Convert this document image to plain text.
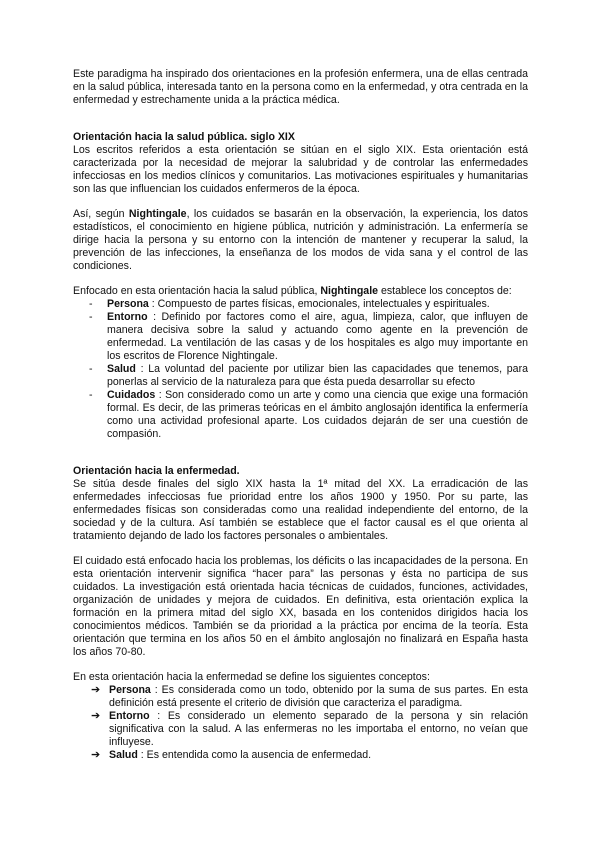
Este paradigma ha inspirado dos orientaciones en la profesión enfermera, una de ellas centrada en la salud pública, interesada tanto en la persona como en la enfermedad, y otra centrada en la enfermedad y estrechamente unida a la práctica médica.

Orientación hacia la salud pública. siglo XIX

Los escritos referidos a esta orientación se sitúan en el siglo XIX. Esta orientación está caracterizada por la necesidad de mejorar la salubridad y de controlar las enfermedades infecciosas en los medios clínicos y comunitarios. Las motivaciones espirituales y humanitarias son las que influencian los cuidados enfermeros de la época.

Así, según Nightingale, los cuidados se basarán en la observación, la experiencia, los datos estadísticos, el conocimiento en higiene pública, nutrición y administración. La enfermería se dirige hacia la persona y su entorno con la intención de mantener y recuperar la salud, la prevención de las infecciones, la enseñanza de los modos de vida sana y el control de las condiciones.

Enfocado en esta orientación hacia la salud pública, Nightingale establece los conceptos de:

- Persona : Compuesto de partes físicas, emocionales, intelectuales y espirituales.
- Entorno : Definido por factores como el aire, agua, limpieza, calor, que influyen de manera decisiva sobre la salud y actuando como agente en la prevención de enfermedad. La ventilación de las casas y de los hospitales es algo muy importante en los escritos de Florence Nightingale.
- Salud : La voluntad del paciente por utilizar bien las capacidades que tenemos, para ponerlas al servicio de la naturaleza para que ésta pueda desarrollar su efecto
- Cuidados : Son considerado como un arte y como una ciencia que exige una formación formal. Es decir, de las primeras teóricas en el ámbito anglosajón identifica la enfermería como una actividad profesional aparte. Los cuidados dejarán de ser una cuestión de compasión.

Orientación hacia la enfermedad.

Se sitúa desde finales del siglo XIX hasta la 1ª mitad del XX. La erradicación de las enfermedades infecciosas fue prioridad entre los años 1900 y 1950. Por su parte, las enfermedades físicas son consideradas como una realidad independiente del entorno, de la sociedad y de la cultura. Así también se establece que el factor causal es el que orienta al tratamiento dejando de lado los factores personales o ambientales.

El cuidado está enfocado hacia los problemas, los déficits o las incapacidades de la persona. En esta orientación intervenir significa “hacer para” las personas y ésta no participa de sus cuidados. La investigación está orientada hacia técnicas de cuidados, funciones, actividades, organización de unidades y mejora de cuidados. En definitiva, esta orientación explica la formación en la primera mitad del siglo XX, basada en los contenidos dirigidos hacia los conocimientos médicos. También se da prioridad a la práctica por encima de la teoría. Esta orientación que termina en los años 50 en el ámbito anglosajón no finalizará en España hasta los años 70-80.

En esta orientación hacia la enfermedad se define los siguientes conceptos:

➔ Persona : Es considerada como un todo, obtenido por la suma de sus partes. En esta definición está presente el criterio de división que caracteriza el paradigma.
➔ Entorno : Es considerado un elemento separado de la persona y sin relación significativa con la salud. A las enfermeras no les importaba el entorno, no veían que influyese.
➔ Salud : Es entendida como la ausencia de enfermedad.
